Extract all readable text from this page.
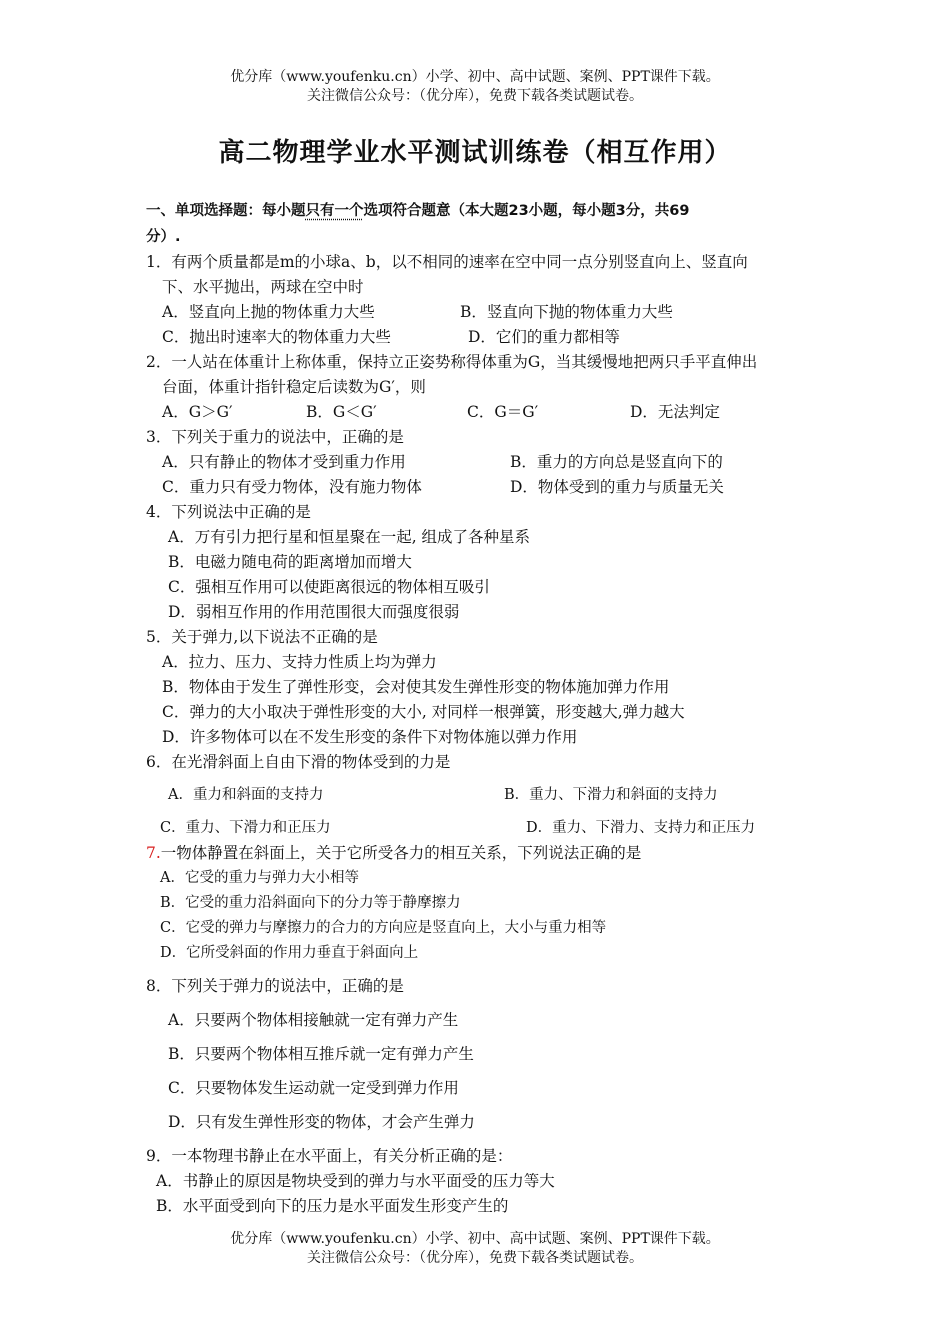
优分库（www.youfenku.cn）小学、初中、高中试题、案例、PPT课件下载。
关注微信公众号：（优分库），免费下载各类试题试卷。
高二物理学业水平测试训练卷（相互作用）
一、单项选择题：每小题只有一个选项符合题意（本大题23小题，每小题3分，共69
分）.
1．有两个质量都是m的小球a、b，以不相同的速率在空中同一点分别竖直向上、竖直向
下、水平抛出，两球在空中时
A．竖直向上抛的物体重力大些	B．竖直向下抛的物体重力大些
C．抛出时速率大的物体重力大些	D．它们的重力都相等
2．一人站在体重计上称体重，保持立正姿势称得体重为G，当其缓慢地把两只手平直伸出
台面，体重计指针稳定后读数为G′，则
A．G＞G′	B．G＜G′	C．G＝G′	D．无法判定
3．下列关于重力的说法中，正确的是
A．只有静止的物体才受到重力作用	B．重力的方向总是竖直向下的
C．重力只有受力物体，没有施力物体	D．物体受到的重力与质量无关
4．下列说法中正确的是
A．万有引力把行星和恒星聚在一起, 组成了各种星系
B．电磁力随电荷的距离增加而增大
C．强相互作用可以使距离很远的物体相互吸引
D．弱相互作用的作用范围很大而强度很弱
5．关于弹力,以下说法不正确的是
A．拉力、压力、支持力性质上均为弹力
B．物体由于发生了弹性形变，会对使其发生弹性形变的物体施加弹力作用
C．弹力的大小取决于弹性形变的大小, 对同样一根弹簧，形变越大,弹力越大
D．许多物体可以在不发生形变的条件下对物体施以弹力作用
6．在光滑斜面上自由下滑的物体受到的力是
A．重力和斜面的支持力	B．重力、下滑力和斜面的支持力
C．重力、下滑力和正压力	D．重力、下滑力、支持力和正压力
7.一物体静置在斜面上，关于它所受各力的相互关系，下列说法正确的是
A．它受的重力与弹力大小相等
B．它受的重力沿斜面向下的分力等于静摩擦力
C．它受的弹力与摩擦力的合力的方向应是竖直向上，大小与重力相等
D．它所受斜面的作用力垂直于斜面向上
8．下列关于弹力的说法中，正确的是
A．只要两个物体相接触就一定有弹力产生
B．只要两个物体相互推斥就一定有弹力产生
C．只要物体发生运动就一定受到弹力作用
D．只有发生弹性形变的物体，才会产生弹力
9．一本物理书静止在水平面上，有关分析正确的是：
A．书静止的原因是物块受到的弹力与水平面受的压力等大
B．水平面受到向下的压力是水平面发生形变产生的
优分库（www.youfenku.cn）小学、初中、高中试题、案例、PPT课件下载。
关注微信公众号：（优分库），免费下载各类试题试卷。
